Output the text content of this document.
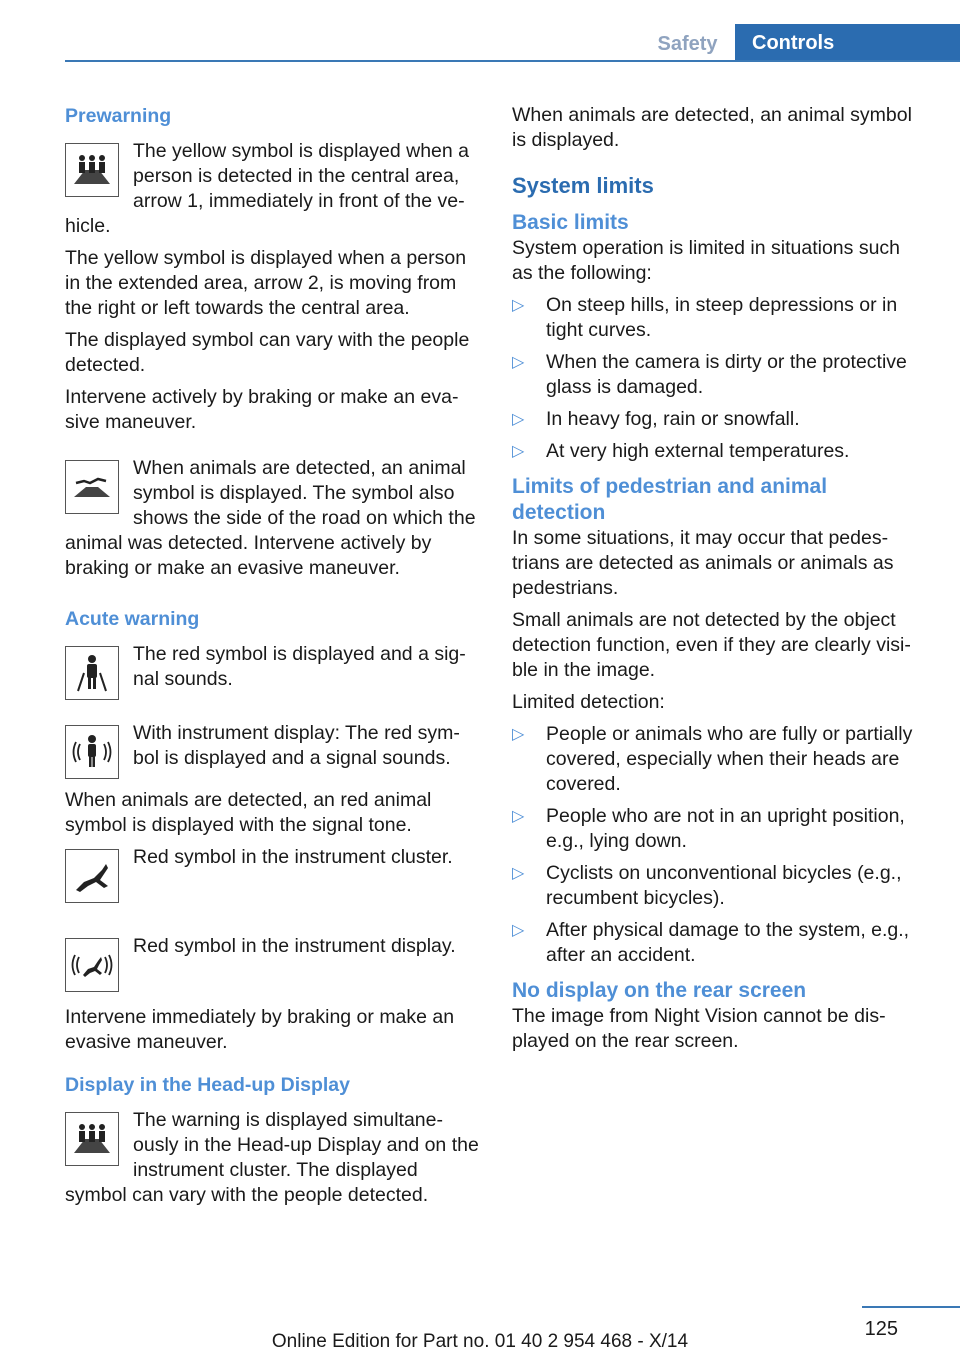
Safety	Controls
Prewarning
The yellow symbol is displayed when a person is detected in the central area, arrow 1, immediately in front of the ve-hicle.

The yellow symbol is displayed when a person in the extended area, arrow 2, is moving from the right or left towards the central area.

The displayed symbol can vary with the people detected.

Intervene actively by braking or make an eva-sive maneuver.

When animals are detected, an animal symbol is displayed. The symbol also shows the side of the road on which the animal was detected. Intervene actively by braking or make an evasive maneuver.
Acute warning
The red symbol is displayed and a sig-nal sounds.
With instrument display: The red sym-bol is displayed and a signal sounds.

When animals are detected, an red animal symbol is displayed with the signal tone.

Red symbol in the instrument cluster.
Red symbol in the instrument display.

Intervene immediately by braking or make an evasive maneuver.

Display in the Head-up Display
The warning is displayed simultane-ously in the Head-up Display and on the instrument cluster. The displayed symbol can vary with the people detected.

When animals are detected, an animal symbol is displayed.

System limits
Basic limits

System operation is limited in situations such as the following:

▷ On steep hills, in steep depressions or in tight curves.
▷ When the camera is dirty or the protective glass is damaged.
▷ In heavy fog, rain or snowfall.
▷ At very high external temperatures.
Limits of pedestrian and animal detection

In some situations, it may occur that pedes-trians are detected as animals or animals as pedestrians.

Small animals are not detected by the object detection function, even if they are clearly visi-ble in the image.

Limited detection:

▷ People or animals who are fully or partially covered, especially when their heads are covered.
▷ People who are not in an upright position, e.g., lying down.
▷ Cyclists on unconventional bicycles (e.g., recumbent bicycles).
▷ After physical damage to the system, e.g., after an accident.
No display on the rear screen

The image from Night Vision cannot be dis-played on the rear screen.

125
Online Edition for Part no. 01 40 2 954 468 - X/14
